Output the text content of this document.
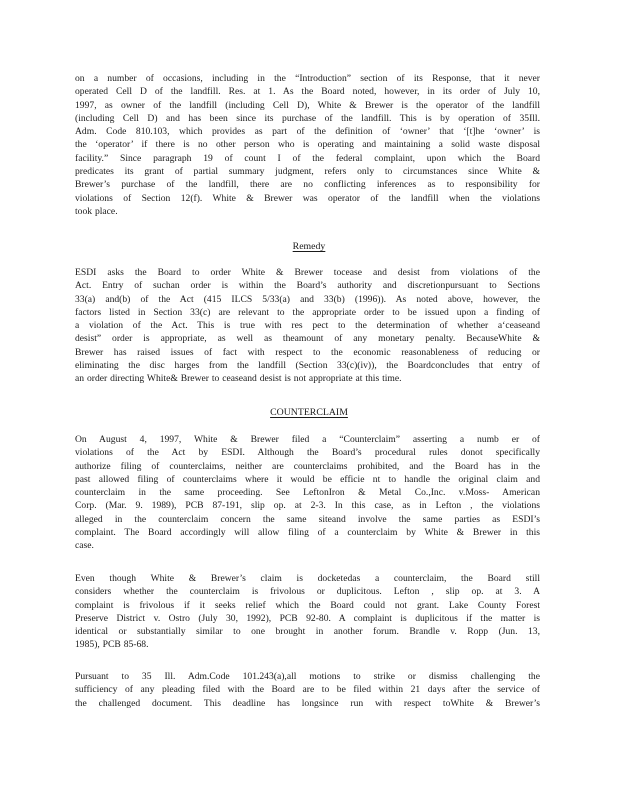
on a number of occasions, including in the “Introduction” section of its Response, that it never
operated Cell D of the landfill. Res. at 1. As the Board noted, however, in its order of July 10,
1997, as owner of the landfill (including Cell D), White & Brewer is the operator of the landfill
(including Cell D) and has been since its purchase of the landfill. This is by operation of 35Ill.
Adm. Code 810.103, which provides as part of the definition of ‘owner’ that ‘[t]he ‘owner’ is
the ‘operator’ if there is no other person who is operating and maintaining a solid waste disposal
facility.” Since paragraph 19 of count I of the federal complaint, upon which the Board
predicates its grant of partial summary judgment, refers only to circumstances since White &
Brewer’s purchase of the landfill, there are no conflicting inferences as to responsibility for
violations of Section 12(f). White & Brewer was operator of the landfill when the violations
took place.
Remedy
ESDI asks the Board to order White & Brewer tocease and desist from violations of the
Act. Entry of suchan order is within the Board’s authority and discretionpursuant to Sections
33(a) and(b) of the Act (415 ILCS 5/33(a) and 33(b) (1996)). As noted above, however, the
factors listed in Section 33(c) are relevant to the appropriate order to be issued upon a finding of
a violation of the Act. This is true with res pect to the determination of whether a‘ceaseand
desist” order is appropriate, as well as theamount of any monetary penalty. BecauseWhite &
Brewer has raised issues of fact with respect to the economic reasonableness of reducing or
eliminating the disc harges from the landfill (Section 33(c)(iv)), the Boardconcludes that entry of
an order directing White& Brewer to ceaseand desist is not appropriate at this time.
COUNTERCLAIM
On August 4, 1997, White & Brewer filed a “Counterclaim” asserting a numb er of
violations of the Act by ESDI. Although the Board’s procedural rules donot specifically
authorize filing of counterclaims, neither are counterclaims prohibited, and the Board has in the
past allowed filing of counterclaims where it would be efficie nt to handle the original claim and
counterclaim in the same proceeding. See LeftonIron & Metal Co.,Inc. v.Moss- American
Corp. (Mar. 9. 1989), PCB 87-191, slip op. at 2-3. In this case, as in Lefton , the violations
alleged in the counterclaim concern the same siteand involve the same parties as ESDI’s
complaint. The Board accordingly will allow filing of a counterclaim by White & Brewer in this
case.
Even though White & Brewer’s claim is docketedas a counterclaim, the Board still
considers whether the counterclaim is frivolous or duplicitous. Lefton , slip op. at 3. A
complaint is frivolous if it seeks relief which the Board could not grant. Lake County Forest
Preserve District v. Ostro (July 30, 1992), PCB 92-80. A complaint is duplicitous if the matter is
identical or substantially similar to one brought in another forum. Brandle v. Ropp (Jun. 13,
1985), PCB 85-68.
Pursuant to 35 Ill. Adm.Code 101.243(a),all motions to strike or dismiss challenging the
sufficiency of any pleading filed with the Board are to be filed within 21 days after the service of
the challenged document. This deadline has longsince run with respect toWhite & Brewer’s
